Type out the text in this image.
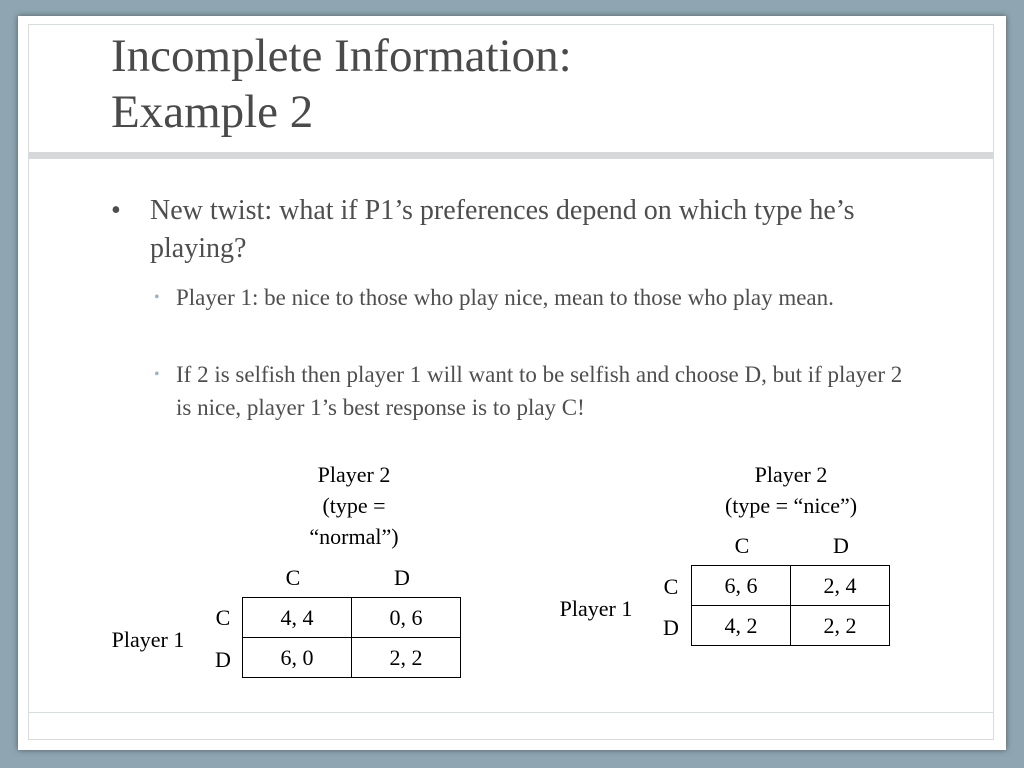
Incomplete Information:
Example 2
• New twist: what if P1’s preferences depend on which type he’s playing?
• Player 1: be nice to those who play nice, mean to those who play mean.
• If 2 is selfish then player 1 will want to be selfish and choose D, but if player 2 is nice, player 1’s best response is to play C!
Player 2
(type =
“normal”)
C	D
C
D
Player 1
4, 4	0, 6
6, 0	2, 2
Player 2
(type = “nice”)
C	D
C
D
Player 1
6, 6	2, 4
4, 2	2, 2
